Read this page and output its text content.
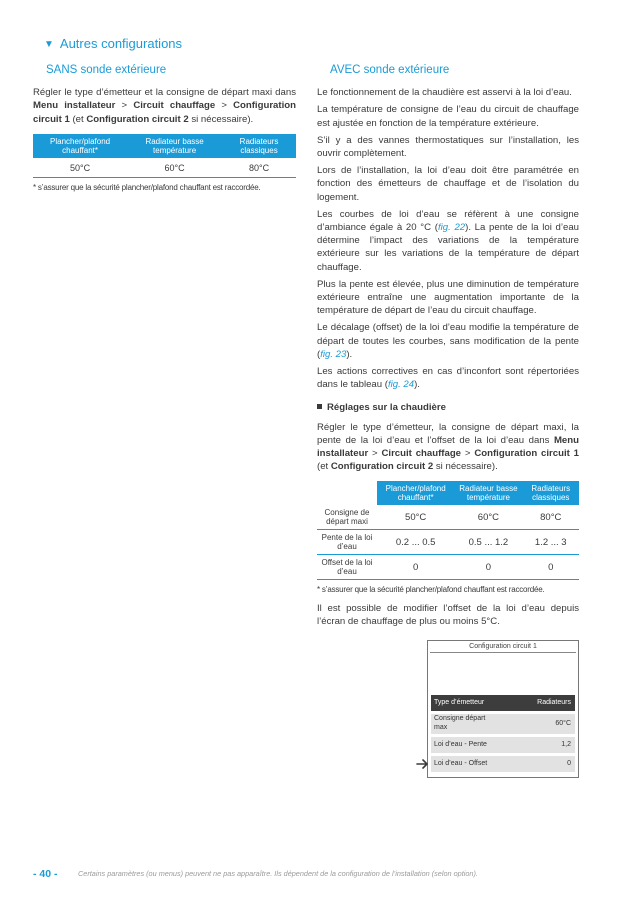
▼ Autres configurations
SANS sonde extérieure

Régler le type d’émetteur et la consigne de départ maxi dans Menu installateur > Circuit chauffage > Configuration circuit 1 (et Configuration circuit 2 si nécessaire).

Plancher/plafond chauffant*	Radiateur basse température	Radiateurs classiques
50°C	60°C	80°C
* s’assurer que la sécurité plancher/plafond chauffant est raccordée.
AVEC sonde extérieure

Le fonctionnement de la chaudière est asservi à la loi d’eau.

La température de consigne de l’eau du circuit de chauffage est ajustée en fonction de la température extérieure.

S’il y a des vannes thermostatiques sur l’installation, les ouvrir complètement.

Lors de l’installation, la loi d’eau doit être paramétrée en fonction des émetteurs de chauffage et de l’isolation du logement.

Les courbes de loi d’eau se réfèrent à une consigne d’ambiance égale à 20 °C (fig. 22). La pente de la loi d’eau détermine l’impact des variations de la température extérieure sur les variations de la température de départ chauffage.

Plus la pente est élevée, plus une diminution de température extérieure entraîne une augmentation importante de la température de départ de l’eau du circuit chauffage.

Le décalage (offset) de la loi d’eau modifie la température de départ de toutes les courbes, sans modification de la pente (fig. 23).

Les actions correctives en cas d’inconfort sont répertoriées dans le tableau (fig. 24).

Réglages sur la chaudière

Régler le type d’émetteur, la consigne de départ maxi, la pente de la loi d’eau et l’offset de la loi d’eau dans Menu installateur > Circuit chauffage > Configuration circuit 1 (et Configuration circuit 2 si nécessaire).

	Plancher/plafond chauffant*	Radiateur basse température	Radiateurs classiques
Consigne de départ maxi	50°C	60°C	80°C
Pente de la loi d’eau	0.2 ... 0.5	0.5 ... 1.2	1.2 ... 3
Offset de la loi d’eau	0	0	0
* s’assurer que la sécurité plancher/plafond chauffant est raccordée.

Il est possible de modifier l’offset de la loi d’eau depuis l’écran de chauffage de plus ou moins 5°C.

Configuration circuit 1
Type d’émetteur	Radiateurs
Consigne départ max	60°C
Loi d’eau - Pente	1,2
Loi d’eau - Offset	0
- 40 -	Certains paramètres (ou menus) peuvent ne pas apparaître. Ils dépendent de la configuration de l’installation (selon option).
